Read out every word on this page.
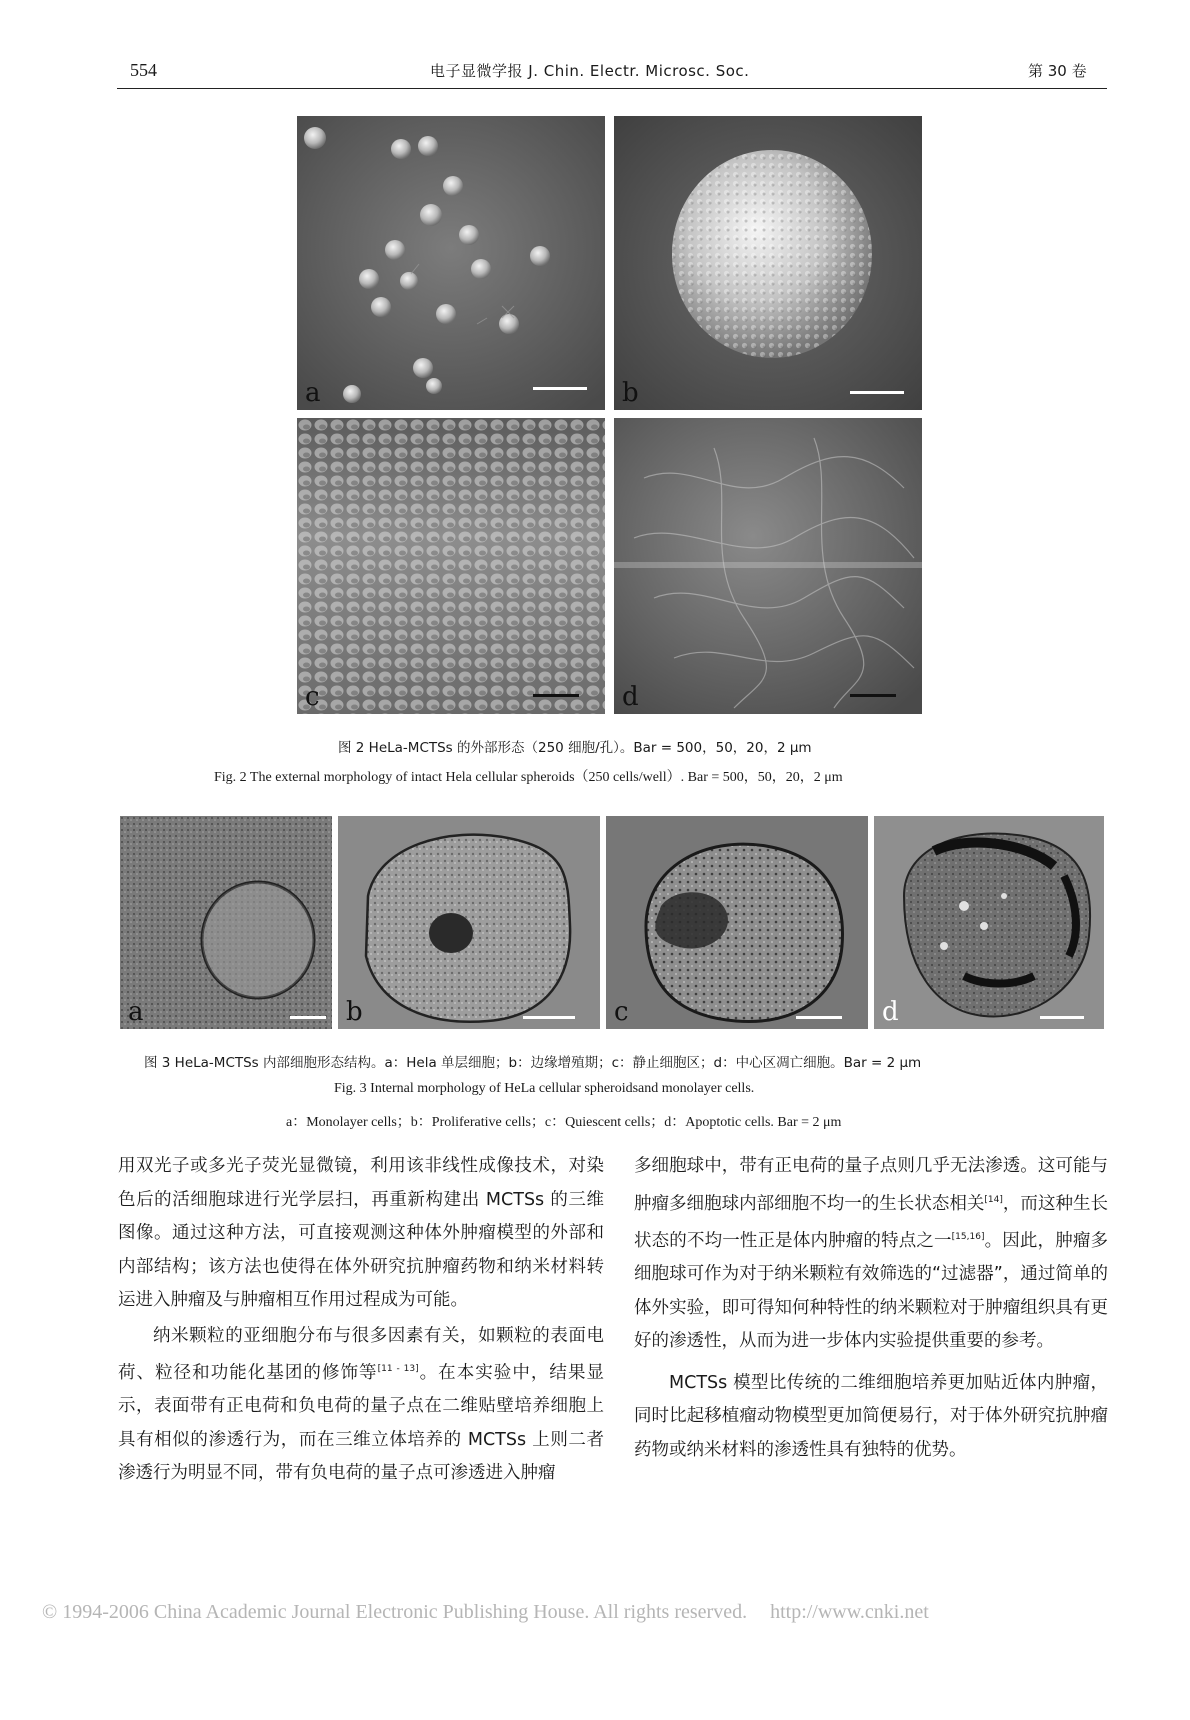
554	电子显微学报 J. Chin. Electr. Microsc. Soc.	第 30 卷
a	b
c	d
图 2 HeLa-MCTSs 的外部形态（250 细胞/孔）。Bar = 500，50，20，2 μm
Fig. 2 The external morphology of intact Hela cellular spheroids（250 cells/well）. Bar = 500，50，20，2 μm
a	b	c	d
图 3 HeLa-MCTSs 内部细胞形态结构。a：Hela 单层细胞；b：边缘增殖期；c：静止细胞区；d：中心区凋亡细胞。Bar = 2 μm
Fig. 3 Internal morphology of HeLa cellular spheroidsand monolayer cells.
a：Monolayer cells；b：Proliferative cells；c：Quiescent cells；d：Apoptotic cells. Bar = 2 μm

用双光子或多光子荧光显微镜，利用该非线性成像技术，对染色后的活细胞球进行光学层扫，再重新构建出 MCTSs 的三维图像。通过这种方法，可直接观测这种体外肿瘤模型的外部和内部结构；该方法也使得在体外研究抗肿瘤药物和纳米材料转运进入肿瘤及与肿瘤相互作用过程成为可能。

纳米颗粒的亚细胞分布与很多因素有关，如颗粒的表面电荷、粒径和功能化基团的修饰等[11 - 13]。在本实验中，结果显示，表面带有正电荷和负电荷的量子点在二维贴壁培养细胞上具有相似的渗透行为，而在三维立体培养的 MCTSs 上则二者渗透行为明显不同，带有负电荷的量子点可渗透进入肿瘤

多细胞球中，带有正电荷的量子点则几乎无法渗透。这可能与肿瘤多细胞球内部细胞不均一的生长状态相关[14]，而这种生长状态的不均一性正是体内肿瘤的特点之一[15,16]。因此，肿瘤多细胞球可作为对于纳米颗粒有效筛选的“过滤器”，通过简单的体外实验，即可得知何种特性的纳米颗粒对于肿瘤组织具有更好的渗透性，从而为进一步体内实验提供重要的参考。

MCTSs 模型比传统的二维细胞培养更加贴近体内肿瘤，同时比起移植瘤动物模型更加简便易行，对于体外研究抗肿瘤药物或纳米材料的渗透性具有独特的优势。

© 1994-2006 China Academic Journal Electronic Publishing House. All rights reserved. http://www.cnki.net
